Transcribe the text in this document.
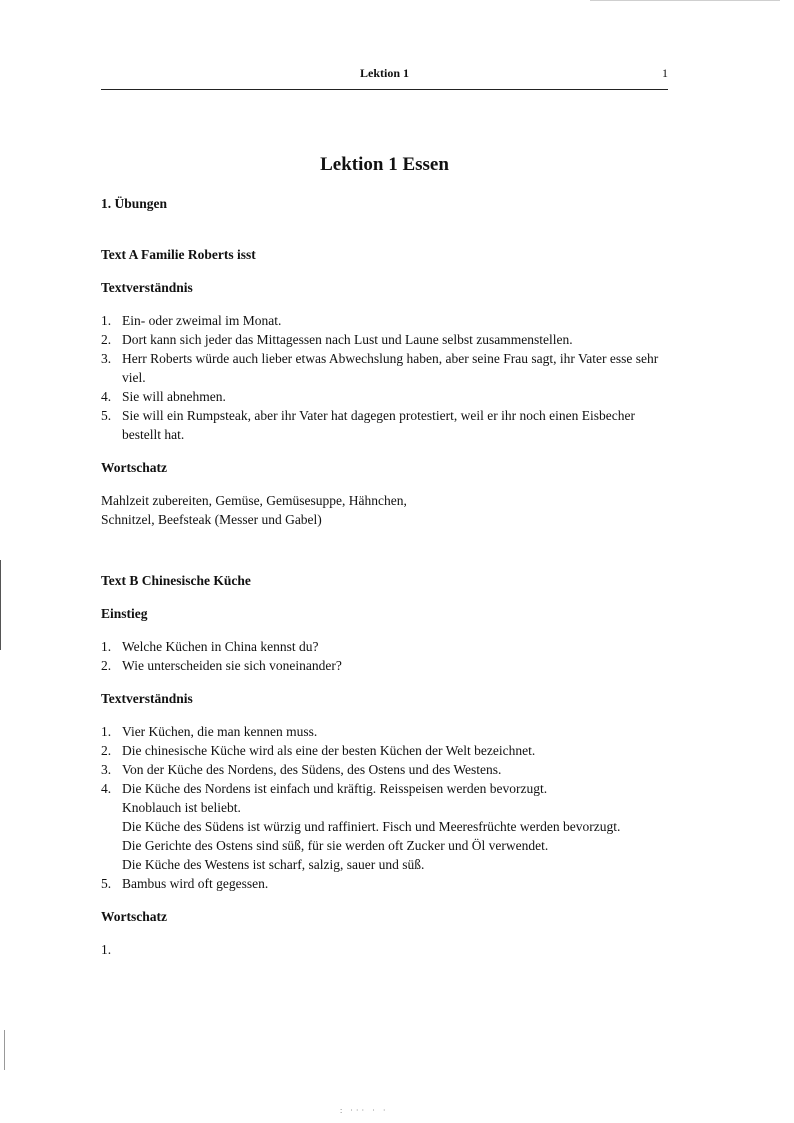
Lektion 1	1
Lektion 1 Essen
1. Übungen
Text A Familie Roberts isst
Textverständnis
1. Ein- oder zweimal im Monat.
2. Dort kann sich jeder das Mittagessen nach Lust und Laune selbst zusammenstellen.
3. Herr Roberts würde auch lieber etwas Abwechslung haben, aber seine Frau sagt, ihr Vater esse sehr viel.
4. Sie will abnehmen.
5. Sie will ein Rumpsteak, aber ihr Vater hat dagegen protestiert, weil er ihr noch einen Eisbecher bestellt hat.
Wortschatz
Mahlzeit zubereiten, Gemüse, Gemüsesuppe, Hähnchen,
Schnitzel, Beefsteak (Messer und Gabel)
Text B Chinesische Küche
Einstieg
1. Welche Küchen in China kennst du?
2. Wie unterscheiden sie sich voneinander?
Textverständnis
1. Vier Küchen, die man kennen muss.
2. Die chinesische Küche wird als eine der besten Küchen der Welt bezeichnet.
3. Von der Küche des Nordens, des Südens, des Ostens und des Westens.
4. Die Küche des Nordens ist einfach und kräftig. Reisspeisen werden bevorzugt.
Knoblauch ist beliebt.
Die Küche des Südens ist würzig und raffiniert. Fisch und Meeresfrüchte werden bevorzugt.
Die Gerichte des Ostens sind süß, für sie werden oft Zucker und Öl verwendet.
Die Küche des Westens ist scharf, salzig, sauer und süß.
5. Bambus wird oft gegessen.
Wortschatz
1.
: ··· · ·
